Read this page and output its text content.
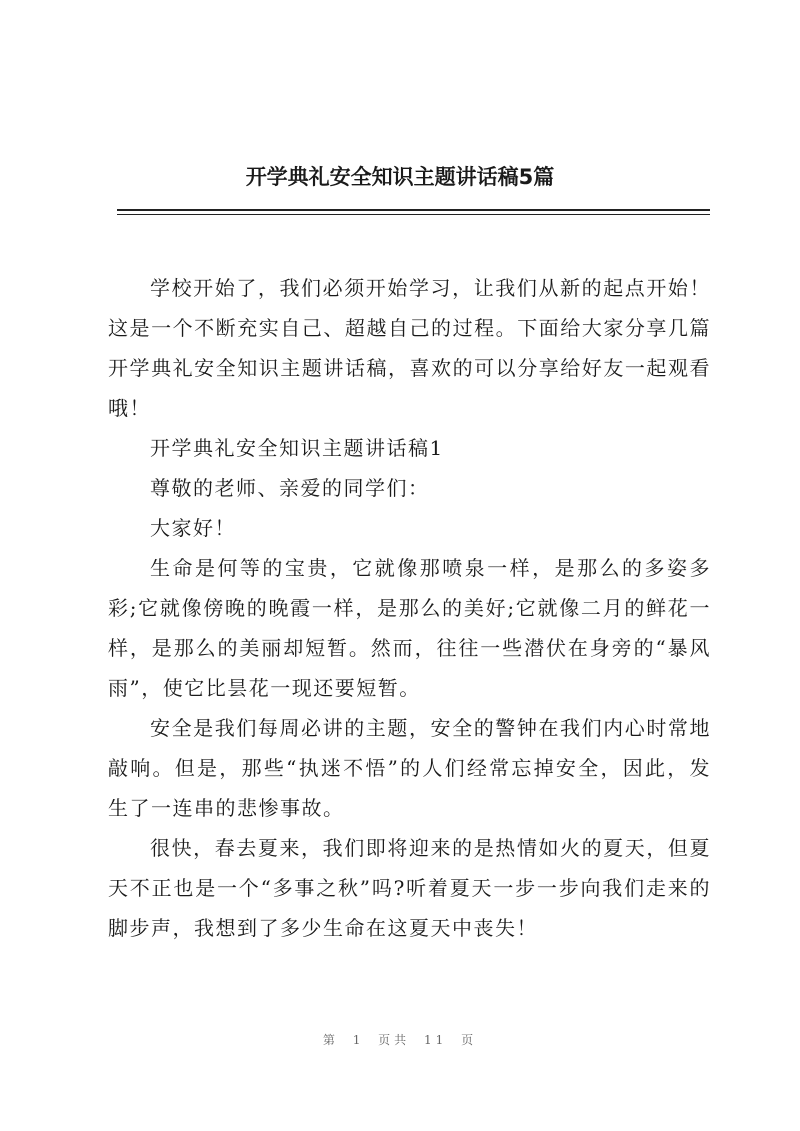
开学典礼安全知识主题讲话稿5篇

学校开始了，我们必须开始学习，让我们从新的起点开始！这是一个不断充实自己、超越自己的过程。下面给大家分享几篇开学典礼安全知识主题讲话稿，喜欢的可以分享给好友一起观看哦！

开学典礼安全知识主题讲话稿1

尊敬的老师、亲爱的同学们：

大家好！

生命是何等的宝贵，它就像那喷泉一样，是那么的多姿多彩;它就像傍晚的晚霞一样，是那么的美好;它就像二月的鲜花一样，是那么的美丽却短暂。然而，往往一些潜伏在身旁的“暴风雨”，使它比昙花一现还要短暂。

安全是我们每周必讲的主题，安全的警钟在我们内心时常地敲响。但是，那些“执迷不悟”的人们经常忘掉安全，因此，发生了一连串的悲惨事故。

很快，春去夏来，我们即将迎来的是热情如火的夏天，但夏天不正也是一个“多事之秋”吗?听着夏天一步一步向我们走来的脚步声，我想到了多少生命在这夏天中丧失！

第 1 页共 11 页
